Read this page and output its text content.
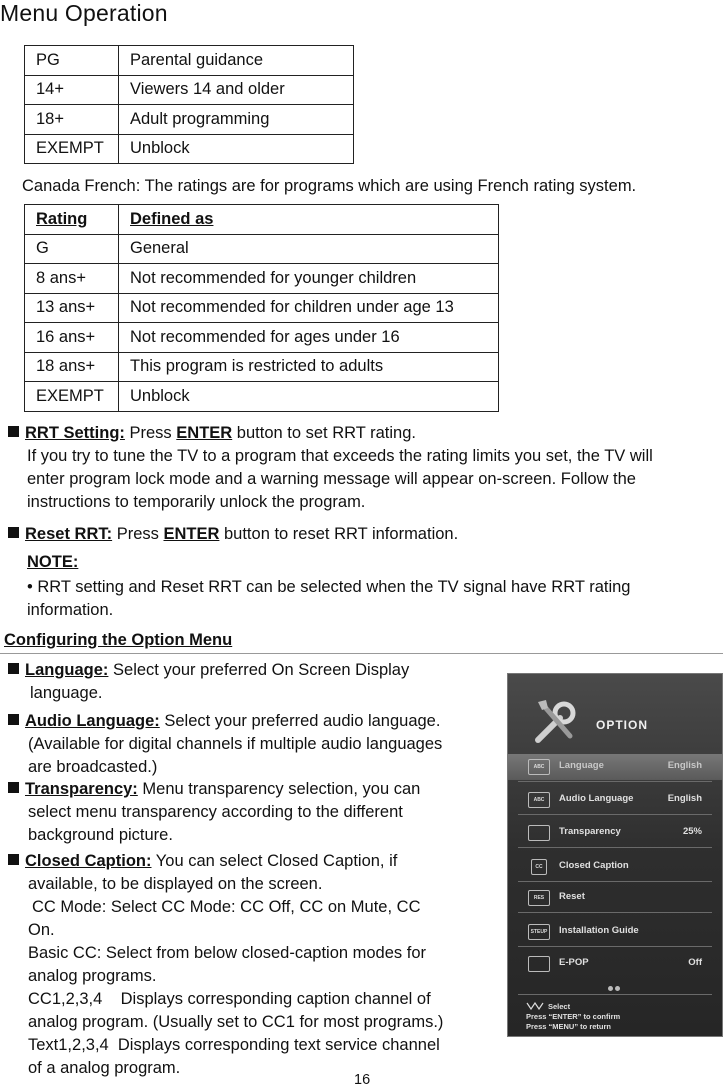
Menu Operation
PG	Parental guidance
14+	Viewers 14 and older
18+	Adult programming
EXEMPT	Unblock
Canada French: The ratings are for programs which are using French rating system.
Rating	Defined as
G	General
8 ans+	Not recommended for younger children
13 ans+	Not recommended for children under age 13
16 ans+	Not recommended for ages under 16
18 ans+	This program is restricted to adults
EXEMPT	Unblock
RRT Setting: Press ENTER button to set RRT rating.
If you try to tune the TV to a program that exceeds the rating limits you set, the TV will
enter program lock mode and a warning message will appear on-screen. Follow the
instructions to temporarily unlock the program.
Reset RRT: Press ENTER button to reset RRT information.
NOTE:
• RRT setting and Reset RRT can be selected when the TV signal have RRT rating
information.
Configuring the Option Menu
Language: Select your preferred On Screen Display
language.
Audio Language: Select your preferred audio language.
(Available for digital channels if multiple audio languages
are broadcasted.)
Transparency: Menu transparency selection, you can
select menu transparency according to the different
background picture.
Closed Caption: You can select Closed Caption, if
available, to be displayed on the screen.
CC Mode: Select CC Mode: CC Off, CC on Mute, CC
On.
Basic CC: Select from below closed-caption modes for
analog programs.
CC1,2,3,4    Displays corresponding caption channel of
analog program. (Usually set to CC1 for most programs.)
Text1,2,3,4  Displays corresponding text service channel
of a analog program.
OPTION
ABC	Language	English
ABC	Audio Language	English
Transparency	25%
CC	Closed Caption
RES	Reset
STEUP Installation Guide
E-POP	Off
Select
Press “ENTER” to confirm
Press “MENU” to return
16
